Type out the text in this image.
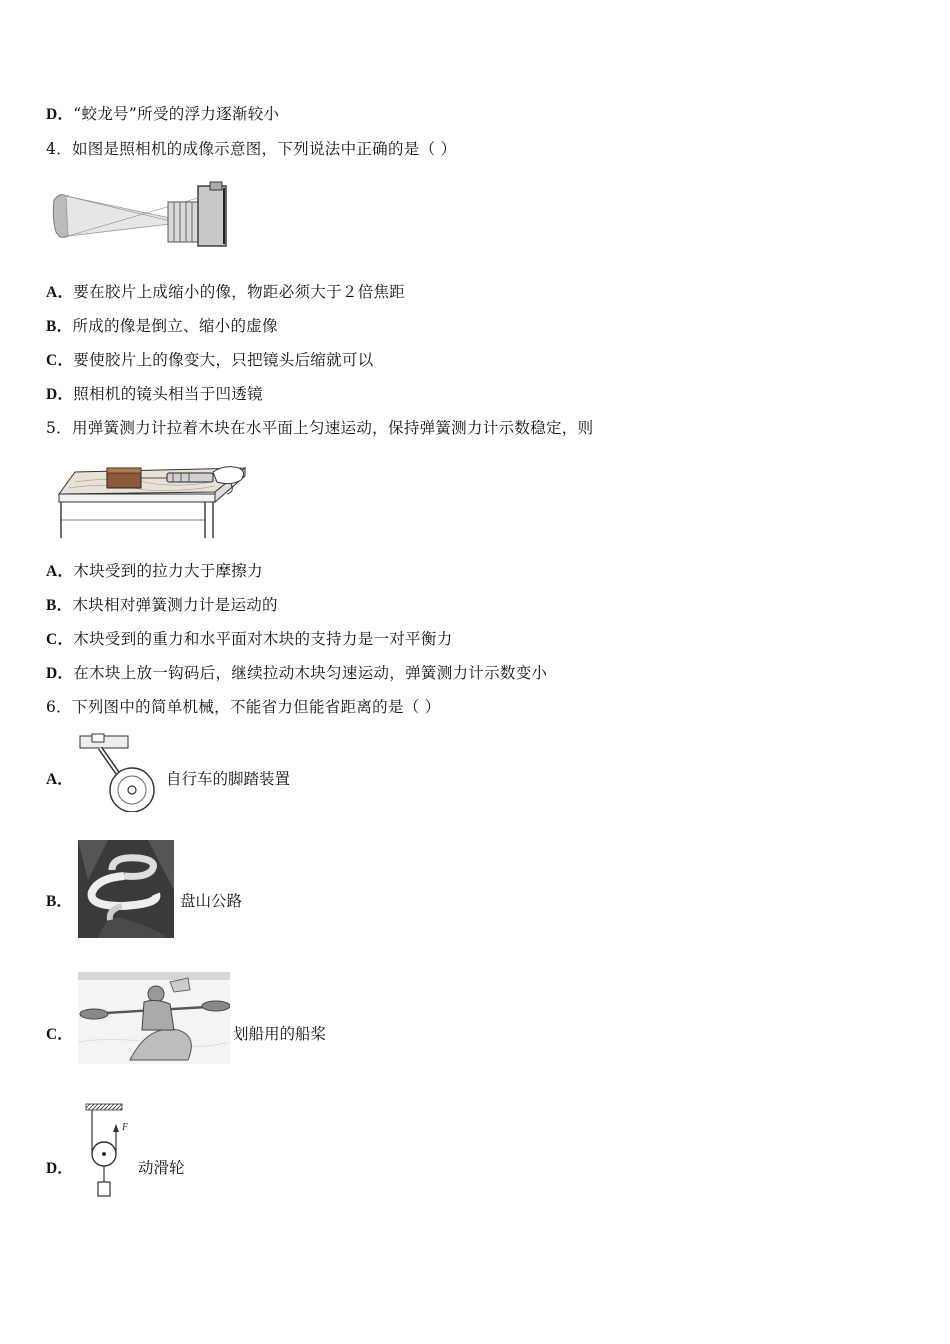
D．“蛟龙号”所受的浮力逐渐较小
4．如图是照相机的成像示意图，下列说法中正确的是（ ）
A．要在胶片上成缩小的像，物距必须大于２倍焦距
B．所成的像是倒立、缩小的虚像
C．要使胶片上的像变大，只把镜头后缩就可以
D．照相机的镜头相当于凹透镜
5．用弹簧测力计拉着木块在水平面上匀速运动，保持弹簧测力计示数稳定，则
A．木块受到的拉力大于摩擦力
B．木块相对弹簧测力计是运动的
C．木块受到的重力和水平面对木块的支持力是一对平衡力
D．在木块上放一钩码后，继续拉动木块匀速运动，弹簧测力计示数变小
6．下列图中的简单机械，不能省力但能省距离的是（ ）
A．	自行车的脚踏装置
B．	盘山公路
C．	划船用的船桨
D．
F
动滑轮
